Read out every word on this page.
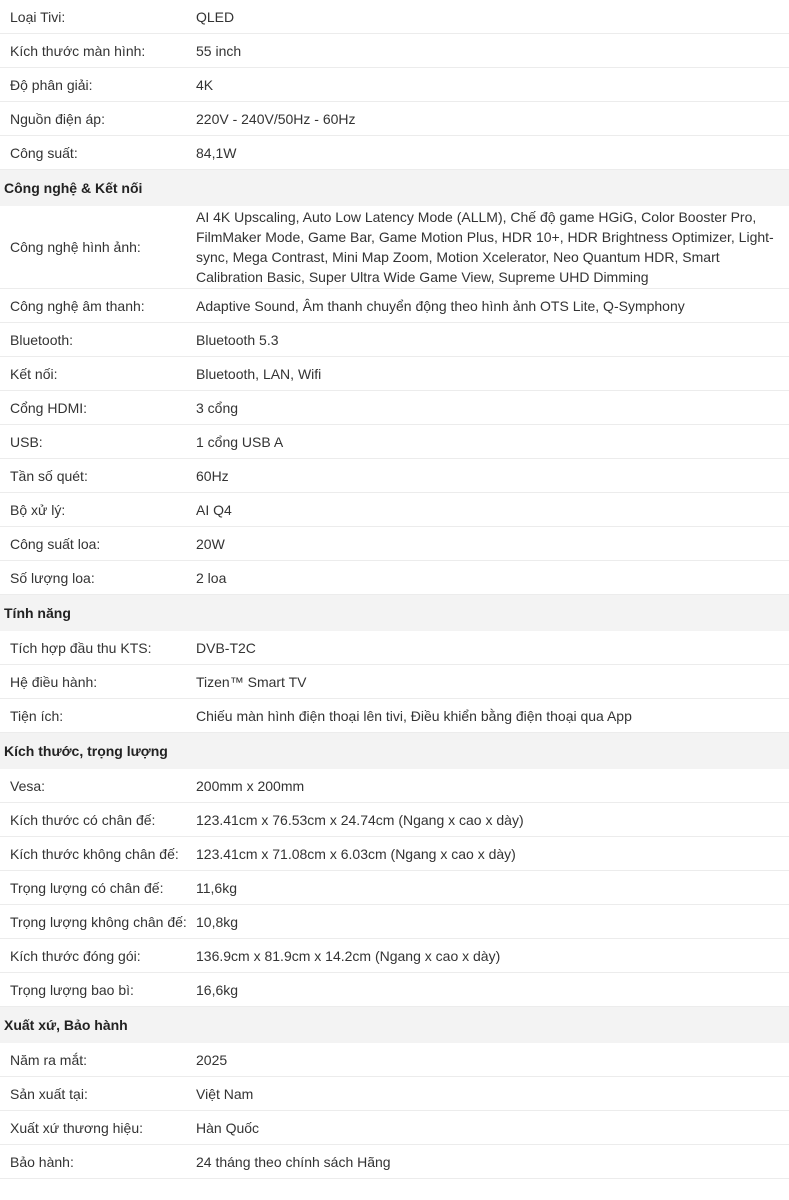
Loại Tivi:	QLED
Kích thước màn hình:	55 inch
Độ phân giải:	4K
Nguồn điện áp:	220V - 240V/50Hz - 60Hz
Công suất:	84,1W
Công nghệ & Kết nối
Công nghệ hình ảnh:
AI 4K Upscaling, Auto Low Latency Mode (ALLM), Chế độ game HGiG, Color Booster Pro, FilmMaker Mode, Game Bar, Game Motion Plus, HDR 10+, HDR Brightness Optimizer, Light-sync, Mega Contrast, Mini Map Zoom, Motion Xcelerator, Neo Quantum HDR, Smart Calibration Basic, Super Ultra Wide Game View, Supreme UHD Dimming
Công nghệ âm thanh:	Adaptive Sound, Âm thanh chuyển động theo hình ảnh OTS Lite, Q-Symphony
Bluetooth:	Bluetooth 5.3
Kết nối:	Bluetooth, LAN, Wifi
Cổng HDMI:	3 cổng
USB:	1 cổng USB A
Tần số quét:	60Hz
Bộ xử lý:	AI Q4
Công suất loa:	20W
Số lượng loa:	2 loa
Tính năng
Tích hợp đầu thu KTS:	DVB-T2C
Hệ điều hành:	Tizen™ Smart TV
Tiện ích:	Chiếu màn hình điện thoại lên tivi, Điều khiển bằng điện thoại qua App
Kích thước, trọng lượng
Vesa:	200mm x 200mm
Kích thước có chân đế:	123.41cm x 76.53cm x 24.74cm (Ngang x cao x dày)
Kích thước không chân đế:	123.41cm x 71.08cm x 6.03cm (Ngang x cao x dày)
Trọng lượng có chân đế:	11,6kg
Trọng lượng không chân đế: 10,8kg
Kích thước đóng gói:	136.9cm x 81.9cm x 14.2cm (Ngang x cao x dày)
Trọng lượng bao bì:	16,6kg
Xuất xứ, Bảo hành
Năm ra mắt:	2025
Sản xuất tại:	Việt Nam
Xuất xứ thương hiệu:	Hàn Quốc
Bảo hành:	24 tháng theo chính sách Hãng
